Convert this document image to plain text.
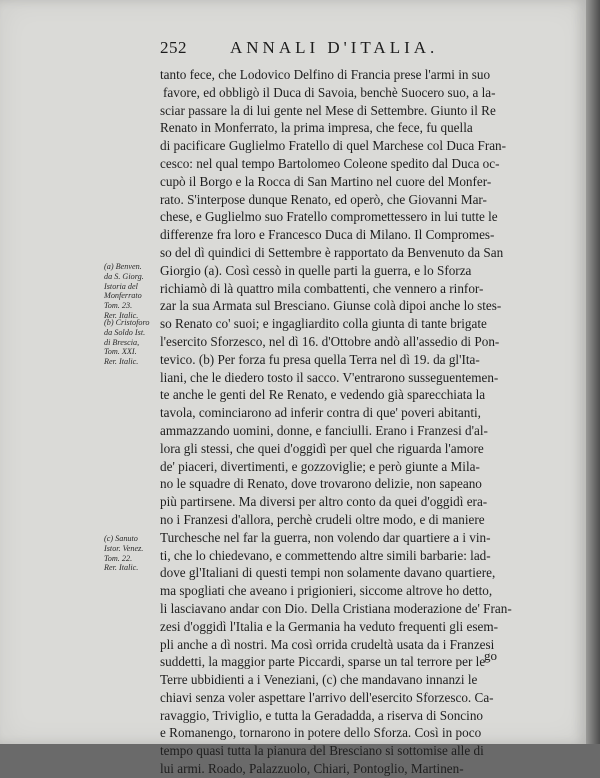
252	ANNALI D'ITALIA.
tanto fece, che Lodovico Delfino di Francia prese l'armi in suo
favore, ed obbligò il Duca di Savoia, benchè Suocero suo, a la-
sciar passare la di lui gente nel Mese di Settembre. Giunto il Re
Renato in Monferrato, la prima impresa, che fece, fu quella
di pacificare Guglielmo Fratello di quel Marchese col Duca Fran-
cesco: nel qual tempo Bartolomeo Coleone spedito dal Duca oc-
cupò il Borgo e la Rocca di San Martino nel cuore del Monfer-
rato. S'interpose dunque Renato, ed operò, che Giovanni Mar-
chese, e Guglielmo suo Fratello compromettessero in lui tutte le
differenze fra loro e Francesco Duca di Milano. Il Compromes-
so del dì quindici di Settembre è rapportato da Benvenuto da San
Giorgio (a). Così cessò in quelle parti la guerra, e lo Sforza
richiamò di là quattro mila combattenti, che vennero a rinfor-
zar la sua Armata sul Bresciano. Giunse colà dipoi anche lo stes-
so Renato co' suoi; e ingagliardito colla giunta di tante brigate
l'esercito Sforzesco, nel dì 16. d'Ottobre andò all'assedio di Pon-
tevico. (b) Per forza fu presa quella Terra nel dì 19. da gl'Ita-
liani, che le diedero tosto il sacco. V'entrarono susseguentemen-
te anche le genti del Re Renato, e vedendo già sparecchiata la
tavola, cominciarono ad inferir contra di que' poveri abitanti,
ammazzando uomini, donne, e fanciulli. Erano i Franzesi d'al-
lora gli stessi, che quei d'oggidì per quel che riguarda l'amore
de' piaceri, divertimenti, e gozzoviglie; e però giunte a Mila-
no le squadre di Renato, dove trovarono delizie, non sapeano
più partirsene. Ma diversi per altro conto da quei d'oggidì era-
no i Franzesi d'allora, perchè crudeli oltre modo, e di maniere
Turchesche nel far la guerra, non volendo dar quartiere a i vin-
ti, che lo chiedevano, e commettendo altre simili barbarie: lad-
dove gl'Italiani di questi tempi non solamente davano quartiere,
ma spogliati che aveano i prigionieri, siccome altrove ho detto,
li lasciavano andar con Dio. Della Cristiana moderazione de' Fran-
zesi d'oggidì l'Italia e la Germania ha veduto frequenti gli esem-
pli anche a dì nostri. Ma così orrida crudeltà usata da i Franzesi
suddetti, la maggior parte Piccardi, sparse un tal terrore per le
Terre ubbidienti a i Veneziani, (c) che mandavano innanzi le
chiavi senza voler aspettare l'arrivo dell'esercito Sforzesco. Ca-
ravaggio, Triviglio, e tutta la Geradadda, a riserva di Soncino
e Romanengo, tornarono in potere dello Sforza. Così in poco
tempo quasi tutta la pianura del Bresciano si sottomise alle di
lui armi. Roado, Palazzuolo, Chiari, Pontoglio, Martinen-
go
(a) Benven.
da S. Giorg.
Istoria del
Monferrato
Tom. 23.
Rer. Italic.
(b) Cristoforo
da Soldo Ist.
di Brescia,
Tom. XXI.
Rer. Italic.
(c) Sanuto
Istor. Venez.
Tom. 22.
Rer. Italic.
